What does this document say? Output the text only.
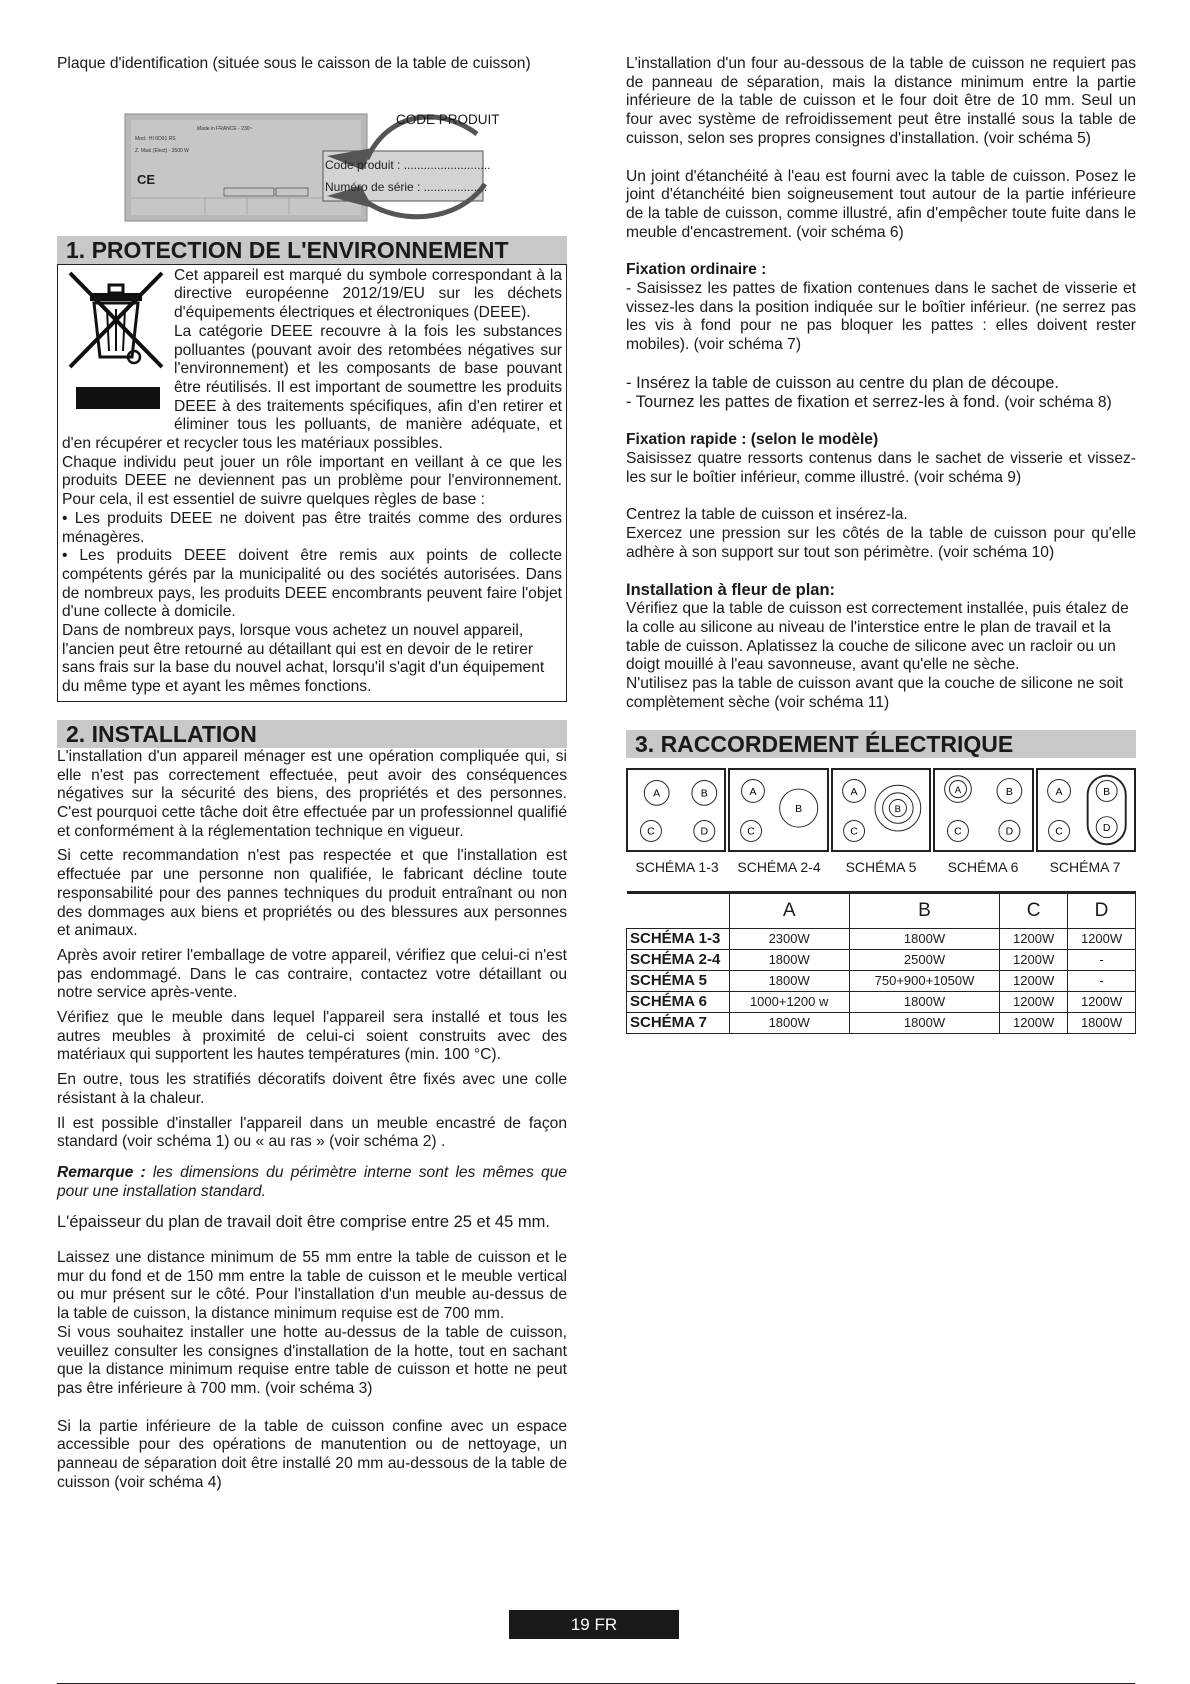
Plaque d'identification (située sous le caisson de la table de cuisson)

Made in FRANCE - 230~
Mod.: HI 6D01 RS
Z. Maxi (Elect) - 3500 W
CE
CODE PRODUIT
Code produit : ..........................
Numéro de série : ...................
1. PROTECTION DE L'ENVIRONNEMENT

Cet appareil est marqué du symbole correspondant à la directive européenne 2012/19/EU sur les déchets d'équipements électriques et électroniques (DEEE).

La catégorie DEEE recouvre à la fois les substances polluantes (pouvant avoir des retombées négatives sur l'environnement) et les composants de base pouvant être réutilisés. Il est important de soumettre les produits DEEE à des traitements spécifiques, afin d'en retirer et éliminer tous les polluants, de manière adéquate, et d'en récupérer et recycler tous les matériaux possibles.

Chaque individu peut jouer un rôle important en veillant à ce que les produits DEEE ne deviennent pas un problème pour l'environnement. Pour cela, il est essentiel de suivre quelques règles de base :

• Les produits DEEE ne doivent pas être traités comme des ordures ménagères.

• Les produits DEEE doivent être remis aux points de collecte compétents gérés par la municipalité ou des sociétés autorisées. Dans de nombreux pays, les produits DEEE encombrants peuvent faire l'objet d'une collecte à domicile.

Dans de nombreux pays, lorsque vous achetez un nouvel appareil, l'ancien peut être retourné au détaillant qui est en devoir de le retirer sans frais sur la base du nouvel achat, lorsqu'il s'agit d'un équipement du même type et ayant les mêmes fonctions.

2. INSTALLATION

L'installation d'un appareil ménager est une opération compliquée qui, si elle n'est pas correctement effectuée, peut avoir des conséquences négatives sur la sécurité des biens, des propriétés et des personnes. C'est pourquoi cette tâche doit être effectuée par un professionnel qualifié et conformément à la réglementation technique en vigueur.

Si cette recommandation n'est pas respectée et que l'installation est effectuée par une personne non qualifiée, le fabricant décline toute responsabilité pour des pannes techniques du produit entraînant ou non des dommages aux biens et propriétés ou des blessures aux personnes et animaux.

Après avoir retirer l'emballage de votre appareil, vérifiez que celui-ci n'est pas endommagé. Dans le cas contraire, contactez votre détaillant ou notre service après-vente.

Vérifiez que le meuble dans lequel l'appareil sera installé et tous les autres meubles à proximité de celui-ci soient construits avec des matériaux qui supportent les hautes températures (min. 100 °C).

En outre, tous les stratifiés décoratifs doivent être fixés avec une colle résistant à la chaleur.

Il est possible d'installer l'appareil dans un meuble encastré de façon standard (voir schéma 1) ou « au ras » (voir schéma 2) .

Remarque : les dimensions du périmètre interne sont les mêmes que pour une installation standard.

L'épaisseur du plan de travail doit être comprise entre 25 et 45 mm.

Laissez une distance minimum de 55 mm entre la table de cuisson et le mur du fond et de 150 mm entre la table de cuisson et le meuble vertical ou mur présent sur le côté. Pour l'installation d'un meuble au-dessus de la table de cuisson, la distance minimum requise est de 700 mm.

Si vous souhaitez installer une hotte au-dessus de la table de cuisson, veuillez consulter les consignes d'installation de la hotte, tout en sachant que la distance minimum requise entre table de cuisson et hotte ne peut pas être inférieure à 700 mm. (voir schéma 3)

Si la partie inférieure de la table de cuisson confine avec un espace accessible pour des opérations de manutention ou de nettoyage, un panneau de séparation doit être installé 20 mm au-dessous de la table de cuisson (voir schéma 4)

L'installation d'un four au-dessous de la table de cuisson ne requiert pas de panneau de séparation, mais la distance minimum entre la partie inférieure de la table de cuisson et le four doit être de 10 mm. Seul un four avec système de refroidissement peut être installé sous la table de cuisson, selon ses propres consignes d'installation. (voir schéma 5)

Un joint d'étanchéité à l'eau est fourni avec la table de cuisson. Posez le joint d'étanchéité bien soigneusement tout autour de la partie inférieure de la table de cuisson, comme illustré, afin d'empêcher toute fuite dans le meuble d'encastrement. (voir schéma 6)

Fixation ordinaire :

- Saisissez les pattes de fixation contenues dans le sachet de visserie et vissez-les dans la position indiquée sur le boîtier inférieur. (ne serrez pas les vis à fond pour ne pas bloquer les pattes : elles doivent rester mobiles). (voir schéma 7)

- Insérez la table de cuisson au centre du plan de découpe.

- Tournez les pattes de fixation et serrez-les à fond. (voir schéma 8)

Fixation rapide : (selon le modèle)

Saisissez quatre ressorts contenus dans le sachet de visserie et vissez-les sur le boîtier inférieur, comme illustré. (voir schéma 9)

Centrez la table de cuisson et insérez-la.

Exercez une pression sur les côtés de la table de cuisson pour qu'elle adhère à son support sur tout son périmètre. (voir schéma 10)

Installation à fleur de plan:

Vérifiez que la table de cuisson est correctement installée, puis étalez de la colle au silicone au niveau de l'interstice entre le plan de travail et la table de cuisson. Aplatissez la couche de silicone avec un racloir ou un doigt mouillé à l'eau savonneuse, avant qu'elle ne sèche.

N'utilisez pas la table de cuisson avant que la couche de silicone ne soit complètement sèche (voir schéma 11)

3. RACCORDEMENT ÉLECTRIQUE
A	B
C	D
A
B
C
A
B
C
A	B
C	D
A	B
D
C
SCHÉMA 1-3	SCHÉMA 2-4	SCHÉMA 5	SCHÉMA 6	SCHÉMA 7
	A	B	C	D
SCHÉMA 1-3	2300W	1800W	1200W	1200W
SCHÉMA 2-4	1800W	2500W	1200W	-
SCHÉMA 5	1800W	750+900+1050W	1200W	-
SCHÉMA 6	1000+1200 w	1800W	1200W	1200W
SCHÉMA 7	1800W	1800W	1200W	1800W
19 FR
